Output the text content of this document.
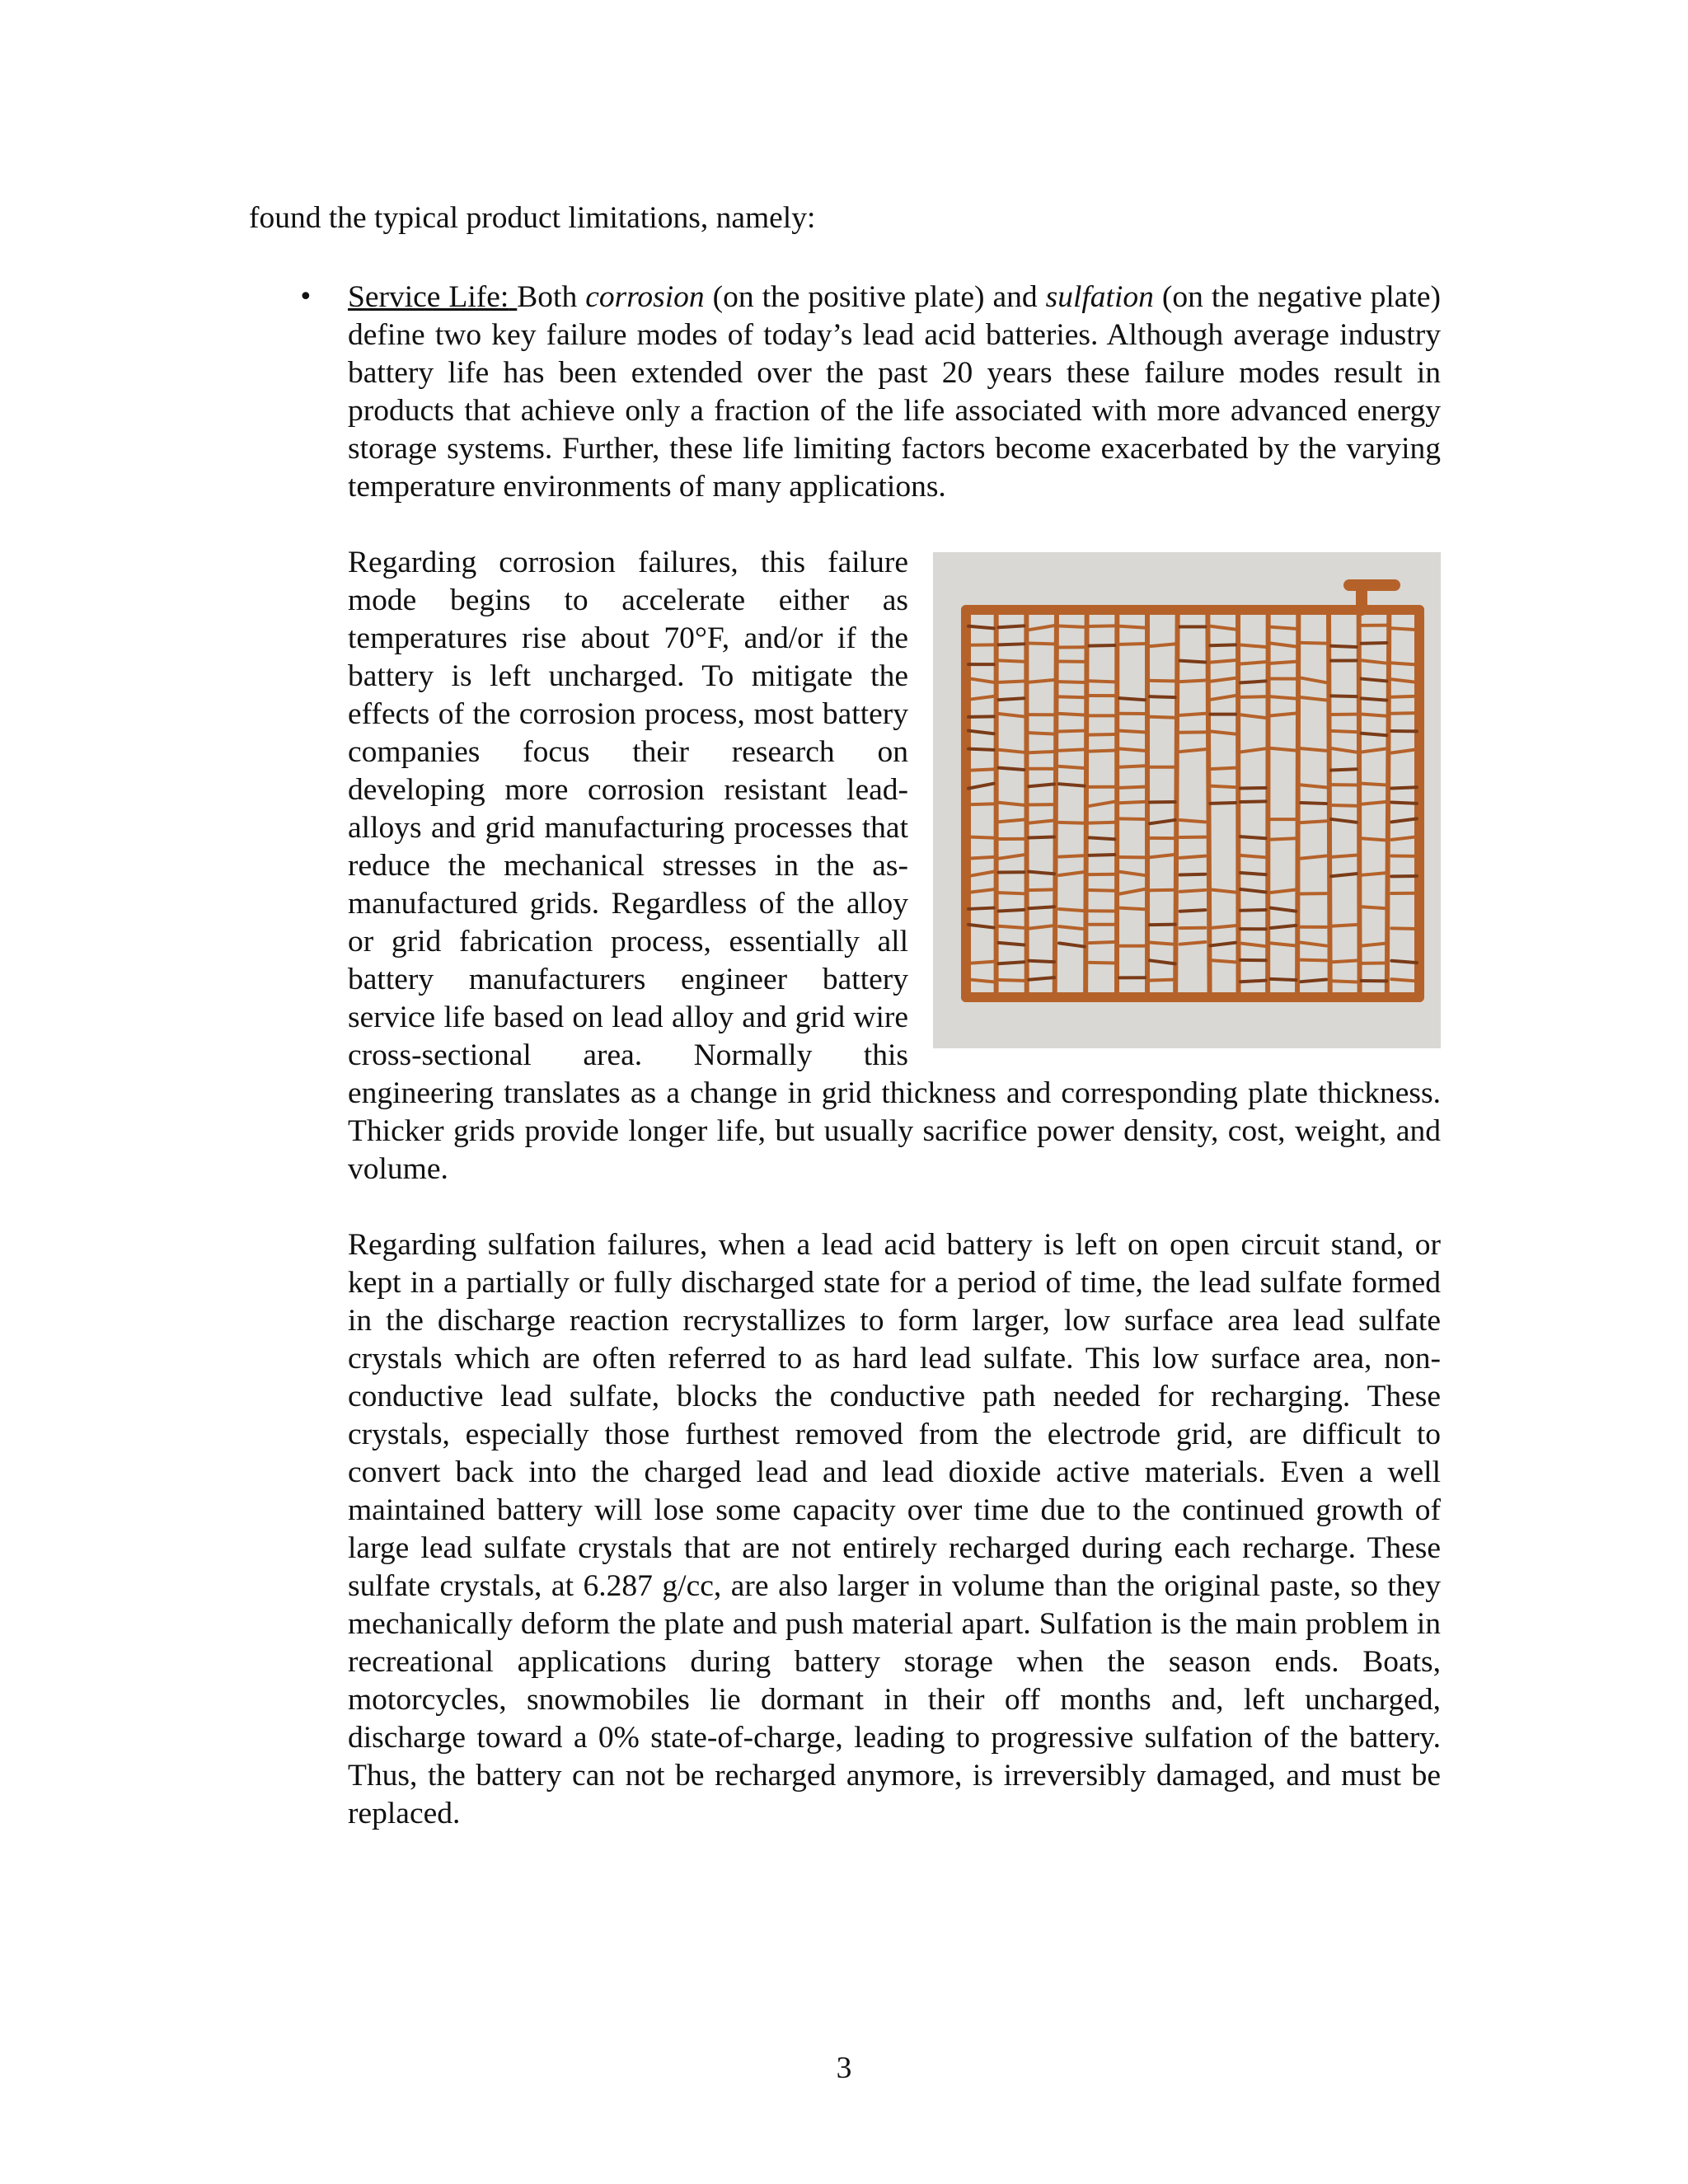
found the typical product limitations, namely:

• Service Life: Both corrosion (on the positive plate) and sulfation (on the negative plate) define two key failure modes of today’s lead acid batteries. Although average industry battery life has been extended over the past 20 years these failure modes result in products that achieve only a fraction of the life associated with more advanced energy storage systems. Further, these life limiting factors become exacerbated by the varying temperature environments of many applications.

Regarding corrosion failures, this failure mode begins to accelerate either as temperatures rise about 70°F, and/or if the battery is left uncharged. To mitigate the effects of the corrosion process, most battery companies focus their research on developing more corrosion resistant lead-alloys and grid manufacturing processes that reduce the mechanical stresses in the as-manufactured grids. Regardless of the alloy or grid fabrication process, essentially all battery manufacturers engineer battery service life based on lead alloy and grid wire cross-sectional area. Normally this engineering translates as a change in grid thickness and corresponding plate thickness. Thicker grids provide longer life, but usually sacrifice power density, cost, weight, and volume.

Regarding sulfation failures, when a lead acid battery is left on open circuit stand, or kept in a partially or fully discharged state for a period of time, the lead sulfate formed in the discharge reaction recrystallizes to form larger, low surface area lead sulfate crystals which are often referred to as hard lead sulfate. This low surface area, non-conductive lead sulfate, blocks the conductive path needed for recharging. These crystals, especially those furthest removed from the electrode grid, are difficult to convert back into the charged lead and lead dioxide active materials. Even a well maintained battery will lose some capacity over time due to the continued growth of large lead sulfate crystals that are not entirely recharged during each recharge. These sulfate crystals, at 6.287 g/cc, are also larger in volume than the original paste, so they mechanically deform the plate and push material apart. Sulfation is the main problem in recreational applications during battery storage when the season ends. Boats, motorcycles, snowmobiles lie dormant in their off months and, left uncharged, discharge toward a 0% state-of-charge, leading to progressive sulfation of the battery. Thus, the battery can not be recharged anymore, is irreversibly damaged, and must be replaced.

3
